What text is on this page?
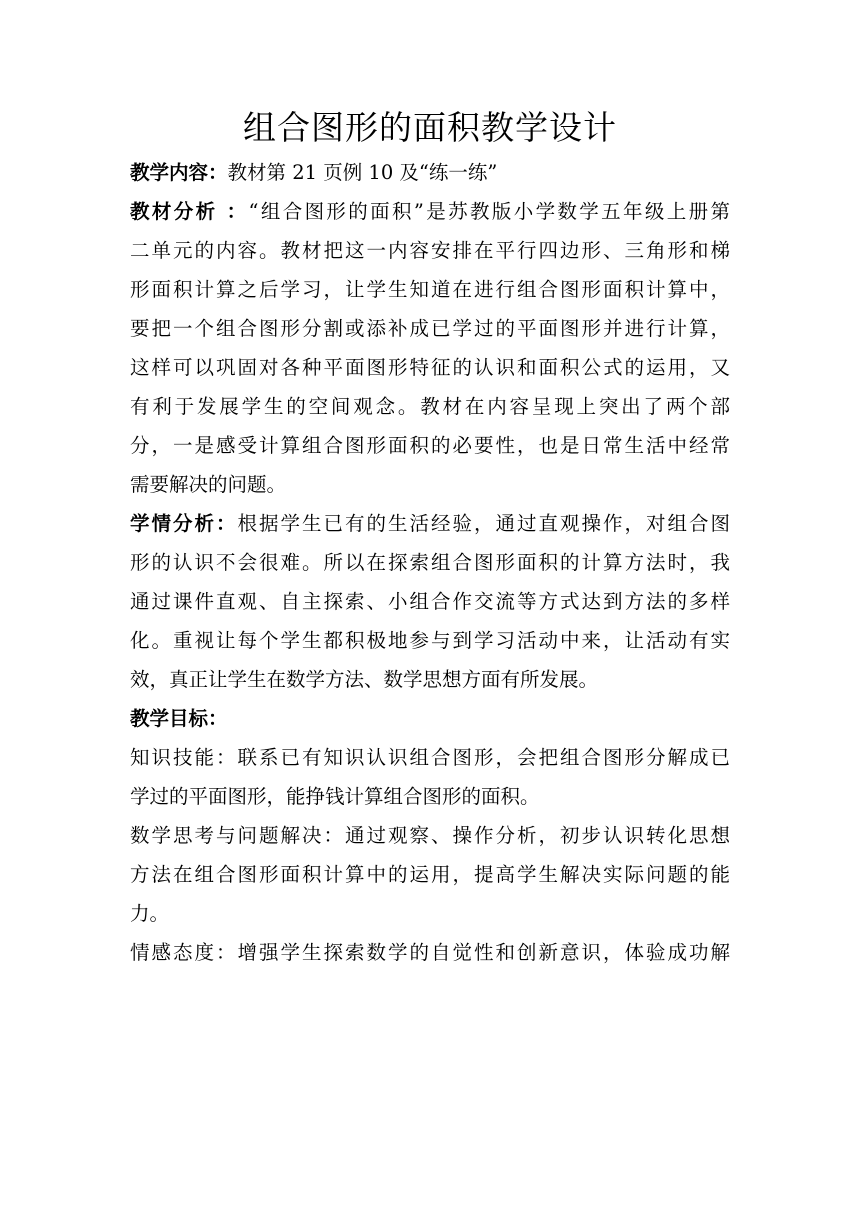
组合图形的面积教学设计
教学内容：教材第 21 页例 10 及“练一练”
教材分析 ：“组合图形的面积”是苏教版小学数学五年级上册第
二单元的内容。教材把这一内容安排在平行四边形、三角形和梯
形面积计算之后学习，让学生知道在进行组合图形面积计算中，
要把一个组合图形分割或添补成已学过的平面图形并进行计算，
这样可以巩固对各种平面图形特征的认识和面积公式的运用，又
有利于发展学生的空间观念。教材在内容呈现上突出了两个部
分，一是感受计算组合图形面积的必要性，也是日常生活中经常
需要解决的问题。
学情分析：根据学生已有的生活经验，通过直观操作，对组合图
形的认识不会很难。所以在探索组合图形面积的计算方法时，我
通过课件直观、自主探索、小组合作交流等方式达到方法的多样
化。重视让每个学生都积极地参与到学习活动中来，让活动有实
效，真正让学生在数学方法、数学思想方面有所发展。
教学目标：
知识技能：联系已有知识认识组合图形，会把组合图形分解成已
学过的平面图形，能挣钱计算组合图形的面积。
数学思考与问题解决：通过观察、操作分析，初步认识转化思想
方法在组合图形面积计算中的运用，提高学生解决实际问题的能
力。
情感态度：增强学生探索数学的自觉性和创新意识，体验成功解
